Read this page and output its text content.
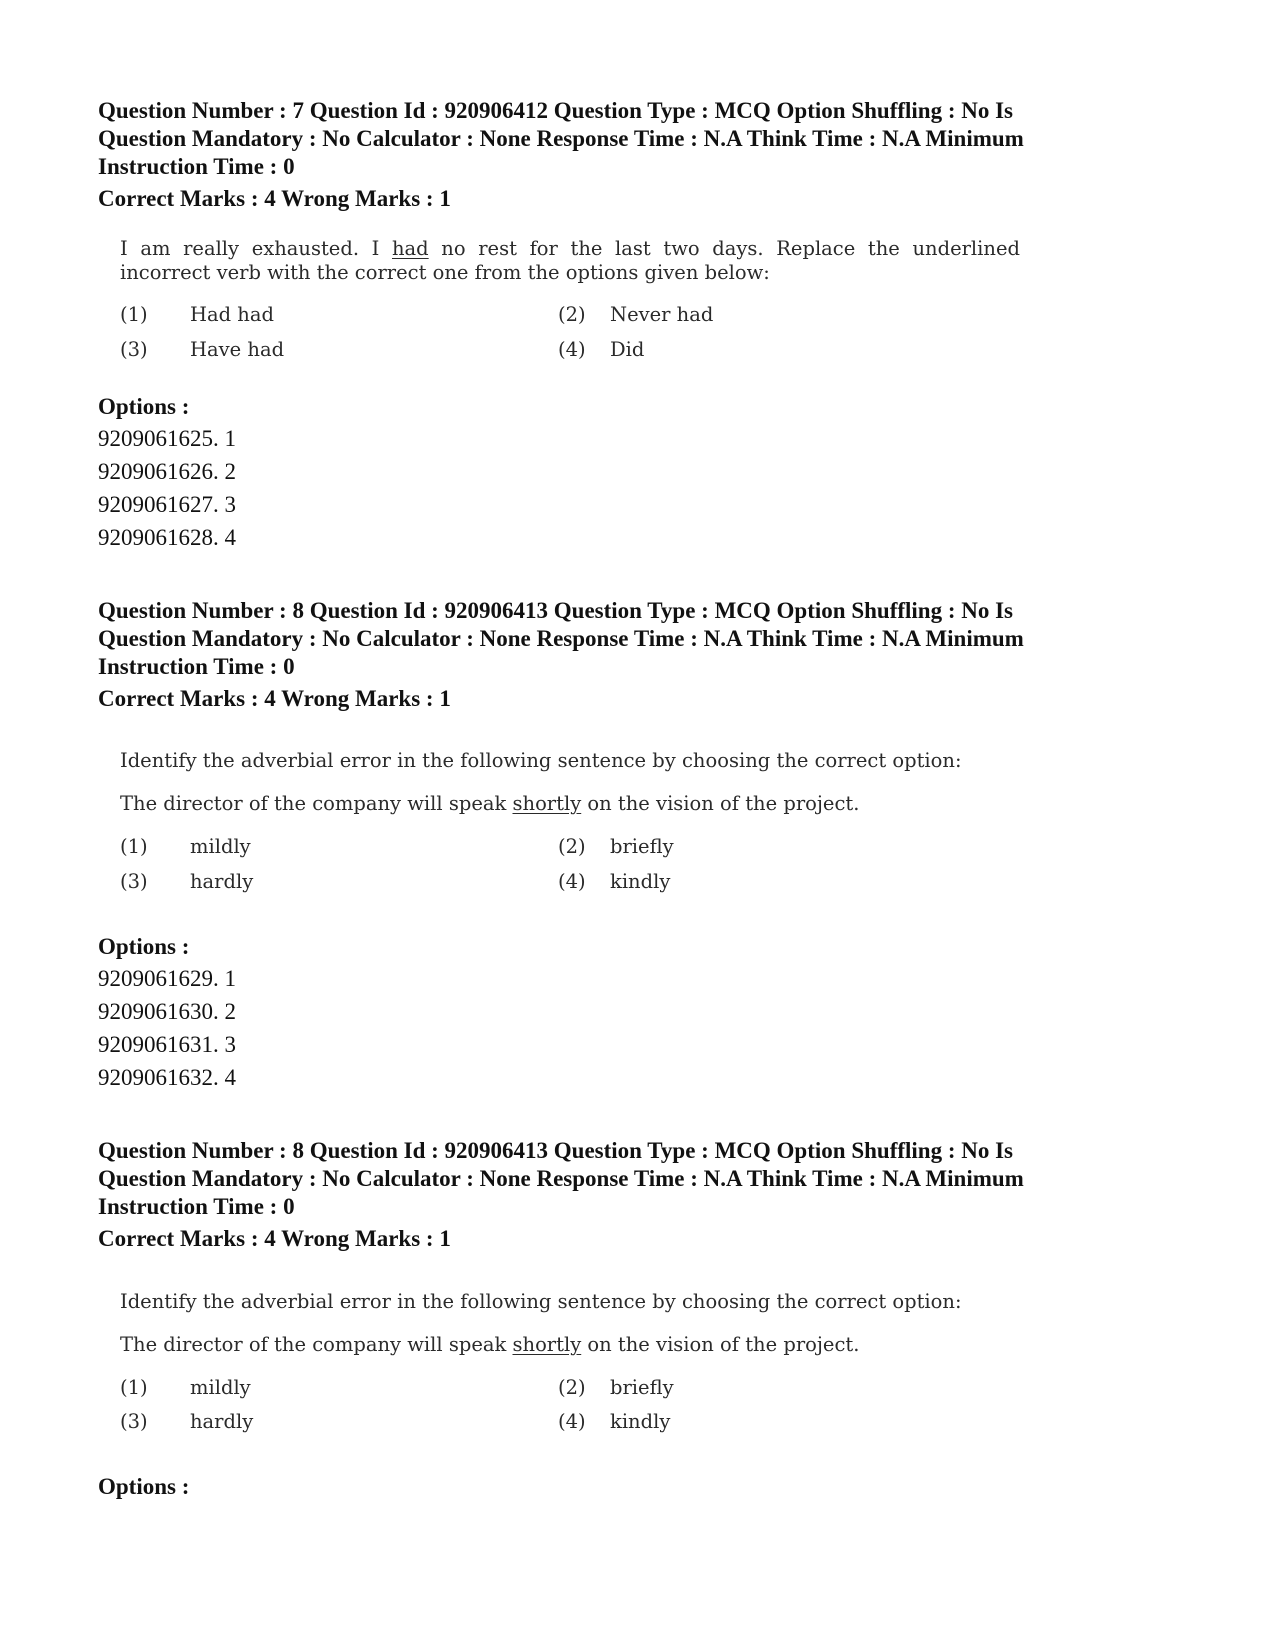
Question Number : 7 Question Id : 920906412 Question Type : MCQ Option Shuffling : No Is
Question Mandatory : No Calculator : None Response Time : N.A Think Time : N.A Minimum
Instruction Time : 0
Correct Marks : 4 Wrong Marks : 1
I am really exhausted. I had no rest for the last two days. Replace the underlined
incorrect verb with the correct one from the options given below:
(1) Had had	(2) Never had
(3) Have had	(4) Did
Options :
9209061625. 1
9209061626. 2
9209061627. 3
9209061628. 4
Question Number : 8 Question Id : 920906413 Question Type : MCQ Option Shuffling : No Is
Question Mandatory : No Calculator : None Response Time : N.A Think Time : N.A Minimum
Instruction Time : 0
Correct Marks : 4 Wrong Marks : 1
Identify the adverbial error in the following sentence by choosing the correct option:
The director of the company will speak shortly on the vision of the project.
(1) mildly	(2) briefly
(3) hardly	(4) kindly
Options :
9209061629. 1
9209061630. 2
9209061631. 3
9209061632. 4
Question Number : 8 Question Id : 920906413 Question Type : MCQ Option Shuffling : No Is
Question Mandatory : No Calculator : None Response Time : N.A Think Time : N.A Minimum
Instruction Time : 0
Correct Marks : 4 Wrong Marks : 1
Identify the adverbial error in the following sentence by choosing the correct option:
The director of the company will speak shortly on the vision of the project.
(1) mildly	(2) briefly
(3) hardly	(4) kindly
Options :
